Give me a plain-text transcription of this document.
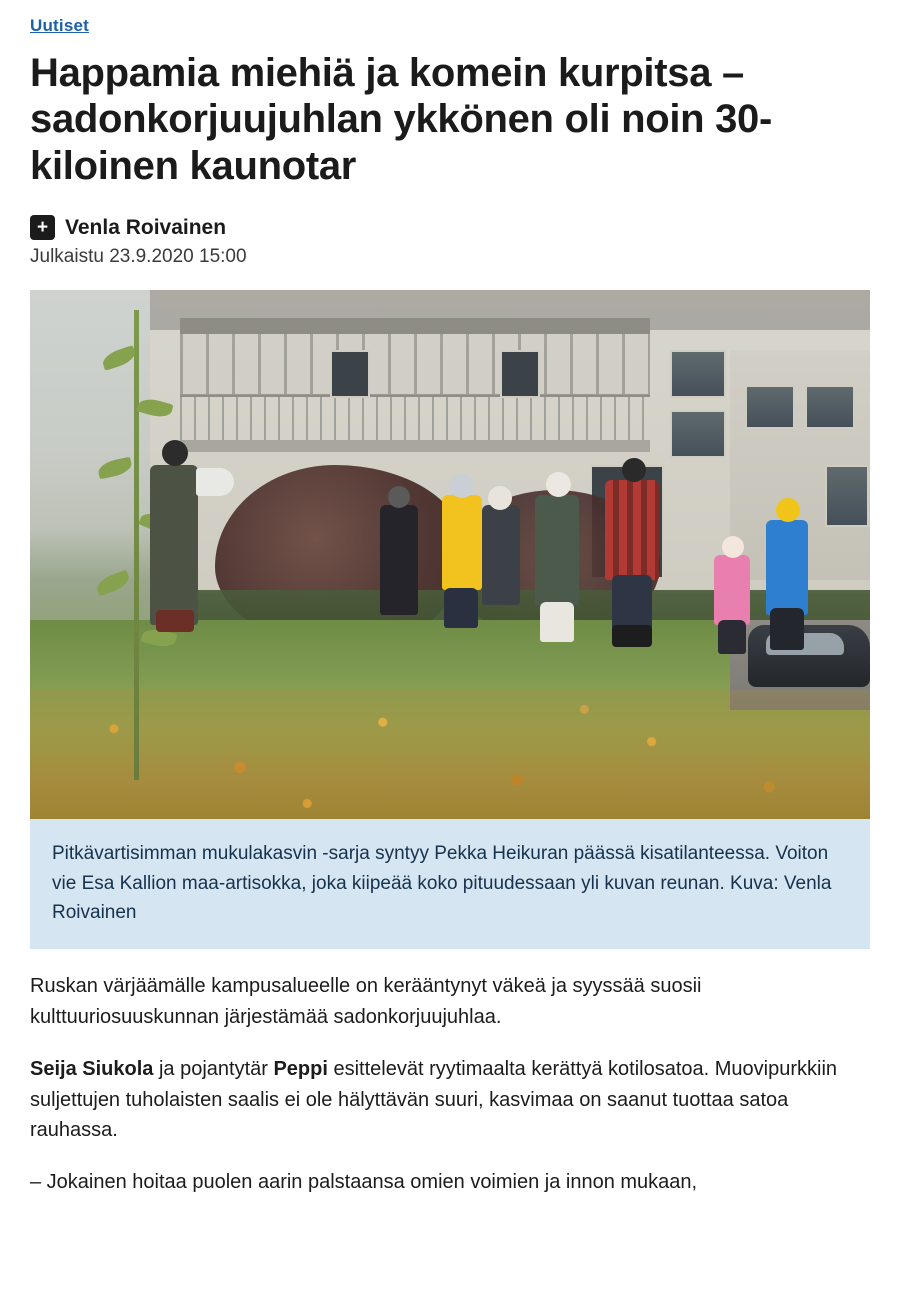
Uutiset
Happamia miehiä ja komein kurpitsa – sadonkorjuujuhlan ykkönen oli noin 30-kiloinen kaunotar
+ Venla Roivainen
Julkaistu 23.9.2020 15:00
Pitkävartisimman mukulakasvin -sarja syntyy Pekka Heikuran päässä kisatilanteessa. Voiton vie Esa Kallion maa-artisokka, joka kiipeää koko pituudessaan yli kuvan reunan. Kuva: Venla Roivainen

Ruskan värjäämälle kampusalueelle on kerääntynyt väkeä ja syyssää suosii kulttuuriosuuskunnan järjestämää sadonkorjuujuhlaa.

Seija Siukola ja pojantytär Peppi esittelevät ryytimaalta kerättyä kotilosatoa. Muovipurkkiin suljettujen tuholaisten saalis ei ole hälyttävän suuri, kasvimaa on saanut tuottaa satoa rauhassa.

– Jokainen hoitaa puolen aarin palstaansa omien voimien ja innon mukaan,
